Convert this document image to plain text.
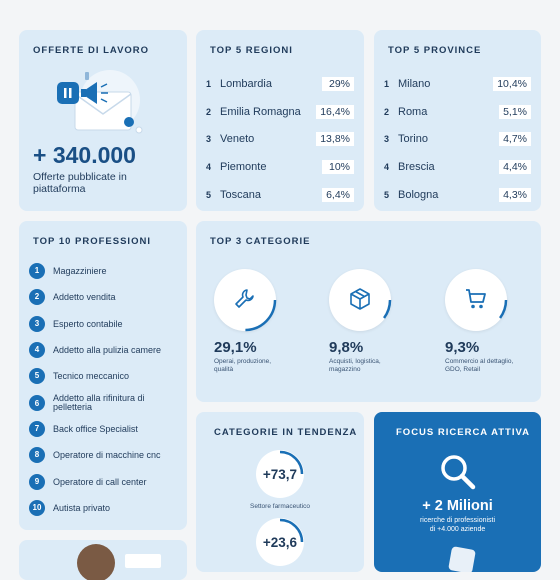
OFFERTE DI LAVORO
+ 340.000
Offerte pubblicate in piattaforma
TOP 5 REGIONI
1 Lombardia	29%
2 Emilia Romagna	16,4%
3 Veneto	13,8%
4 Piemonte	10%
5 Toscana	6,4%
TOP 5 PROVINCE
1 Milano	10,4%
2 Roma	5,1%
3 Torino	4,7%
4 Brescia	4,4%
5 Bologna	4,3%
TOP 10 PROFESSIONI
1	Magazziniere
2	Addetto vendita
3	Esperto contabile
4	Addetto alla pulizia camere
5	Tecnico meccanico
6	Addetto alla rifinitura di pelletteria
7	Back office Specialist
8	Operatore di macchine cnc
9	Operatore di call center
10	Autista privato
TOP 3 CATEGORIE
29,1%
Operai, produzione, qualità
9,8%
Acquisti, logistica, magazzino
9,3%
Commercio al dettaglio, GDO, Retail
CATEGORIE IN TENDENZA
+73,7
Settore farmaceutico
+23,6
FOCUS RICERCA ATTIVA
+ 2 Milioni
ricerche di professionisti
di +4.000 aziende
